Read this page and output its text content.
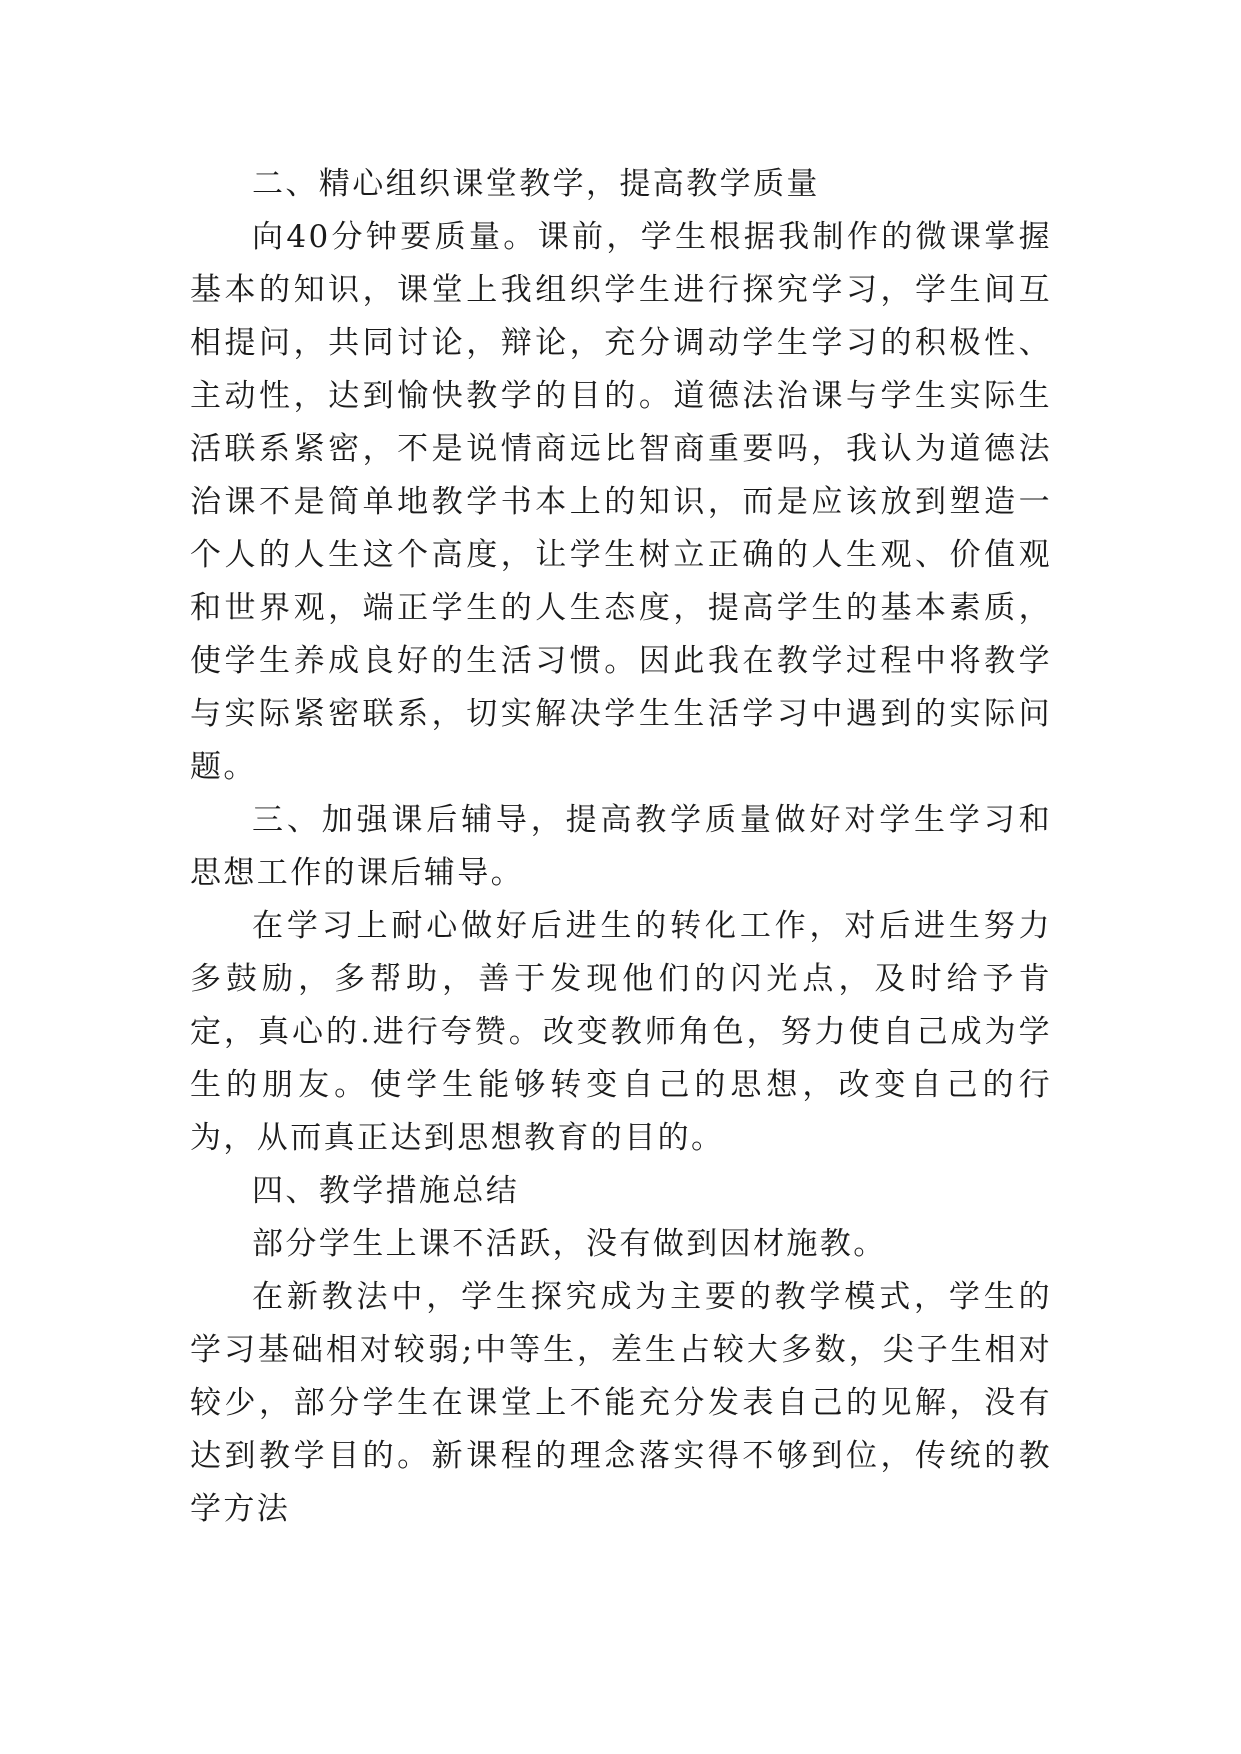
二、精心组织课堂教学，提高教学质量

向40分钟要质量。课前，学生根据我制作的微课掌握基本的知识，课堂上我组织学生进行探究学习，学生间互相提问，共同讨论，辩论，充分调动学生学习的积极性、主动性，达到愉快教学的目的。道德法治课与学生实际生活联系紧密，不是说情商远比智商重要吗，我认为道德法治课不是简单地教学书本上的知识，而是应该放到塑造一个人的人生这个高度，让学生树立正确的人生观、价值观和世界观，端正学生的人生态度，提高学生的基本素质，使学生养成良好的生活习惯。因此我在教学过程中将教学与实际紧密联系，切实解决学生生活学习中遇到的实际问题。

三、加强课后辅导，提高教学质量做好对学生学习和思想工作的课后辅导。

在学习上耐心做好后进生的转化工作，对后进生努力多鼓励，多帮助，善于发现他们的闪光点，及时给予肯定，真心的.进行夸赞。改变教师角色，努力使自己成为学生的朋友。使学生能够转变自己的思想，改变自己的行为，从而真正达到思想教育的目的。

四、教学措施总结

部分学生上课不活跃，没有做到因材施教。

在新教法中，学生探究成为主要的教学模式，学生的学习基础相对较弱;中等生，差生占较大多数，尖子生相对较少，部分学生在课堂上不能充分发表自己的见解，没有达到教学目的。新课程的理念落实得不够到位，传统的教学方法
